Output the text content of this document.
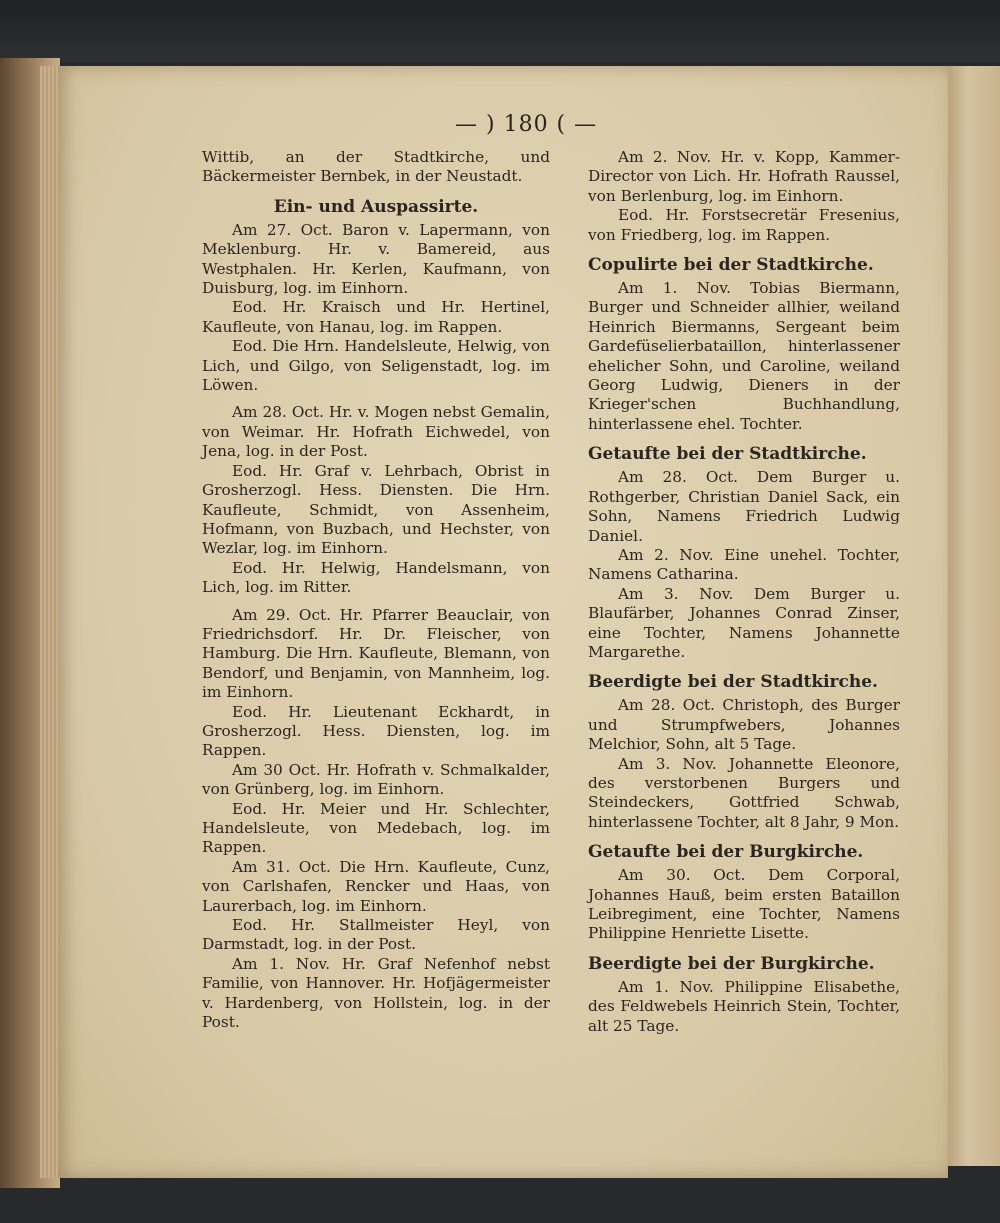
— ) 180 ( —

Wittib, an der Stadtkirche, und Bäckermeister Bernbek, in der Neustadt.

Ein- und Auspassirte.

Am 27. Oct. Baron v. Lapermann, von Meklenburg. Hr. v. Bamereid, aus Westphalen. Hr. Kerlen, Kaufmann, von Duisburg, log. im Einhorn.

Eod. Hr. Kraisch und Hr. Hertinel, Kaufleute, von Hanau, log. im Rappen.

Eod. Die Hrn. Handelsleute, Helwig, von Lich, und Gilgo, von Seligenstadt, log. im Löwen.

Am 28. Oct. Hr. v. Mogen nebst Gemalin, von Weimar. Hr. Hofrath Eichwedel, von Jena, log. in der Post.

Eod. Hr. Graf v. Lehrbach, Obrist in Grosherzogl. Hess. Diensten. Die Hrn. Kaufleute, Schmidt, von Assenheim, Hofmann, von Buzbach, und Hechster, von Wezlar, log. im Einhorn.

Eod. Hr. Helwig, Handelsmann, von Lich, log. im Ritter.

Am 29. Oct. Hr. Pfarrer Beauclair, von Friedrichsdorf. Hr. Dr. Fleischer, von Hamburg. Die Hrn. Kaufleute, Blemann, von Bendorf, und Benjamin, von Mannheim, log. im Einhorn.

Eod. Hr. Lieutenant Eckhardt, in Grosherzogl. Hess. Diensten, log. im Rappen.

Am 30 Oct. Hr. Hofrath v. Schmalkalder, von Grünberg, log. im Einhorn.

Eod. Hr. Meier und Hr. Schlechter, Handelsleute, von Medebach, log. im Rappen.

Am 31. Oct. Die Hrn. Kaufleute, Cunz, von Carlshafen, Rencker und Haas, von Laurerbach, log. im Einhorn.

Eod. Hr. Stallmeister Heyl, von Darmstadt, log. in der Post.

Am 1. Nov. Hr. Graf Nefenhof nebst Familie, von Hannover. Hr. Hofjägermeister v. Hardenberg, von Hollstein, log. in der Post.

Am 2. Nov. Hr. v. Kopp, Kammer-Director von Lich. Hr. Hofrath Raussel, von Berlenburg, log. im Einhorn.

Eod. Hr. Forstsecretär Fresenius, von Friedberg, log. im Rappen.

Copulirte bei der Stadtkirche.

Am 1. Nov. Tobias Biermann, Burger und Schneider allhier, weiland Heinrich Biermanns, Sergeant beim Gardefüselierbataillon, hinterlassener ehelicher Sohn, und Caroline, weiland Georg Ludwig, Dieners in der Krieger'schen Buchhandlung, hinterlassene ehel. Tochter.

Getaufte bei der Stadtkirche.

Am 28. Oct. Dem Burger u. Rothgerber, Christian Daniel Sack, ein Sohn, Namens Friedrich Ludwig Daniel.

Am 2. Nov. Eine unehel. Tochter, Namens Catharina.

Am 3. Nov. Dem Burger u. Blaufärber, Johannes Conrad Zinser, eine Tochter, Namens Johannette Margarethe.

Beerdigte bei der Stadtkirche.

Am 28. Oct. Christoph, des Burger und Strumpfwebers, Johannes Melchior, Sohn, alt 5 Tage.

Am 3. Nov. Johannette Eleonore, des verstorbenen Burgers und Steindeckers, Gottfried Schwab, hinterlassene Tochter, alt 8 Jahr, 9 Mon.

Getaufte bei der Burgkirche.

Am 30. Oct. Dem Corporal, Johannes Hauß, beim ersten Bataillon Leibregiment, eine Tochter, Namens Philippine Henriette Lisette.

Beerdigte bei der Burgkirche.

Am 1. Nov. Philippine Elisabethe, des Feldwebels Heinrich Stein, Tochter, alt 25 Tage.
